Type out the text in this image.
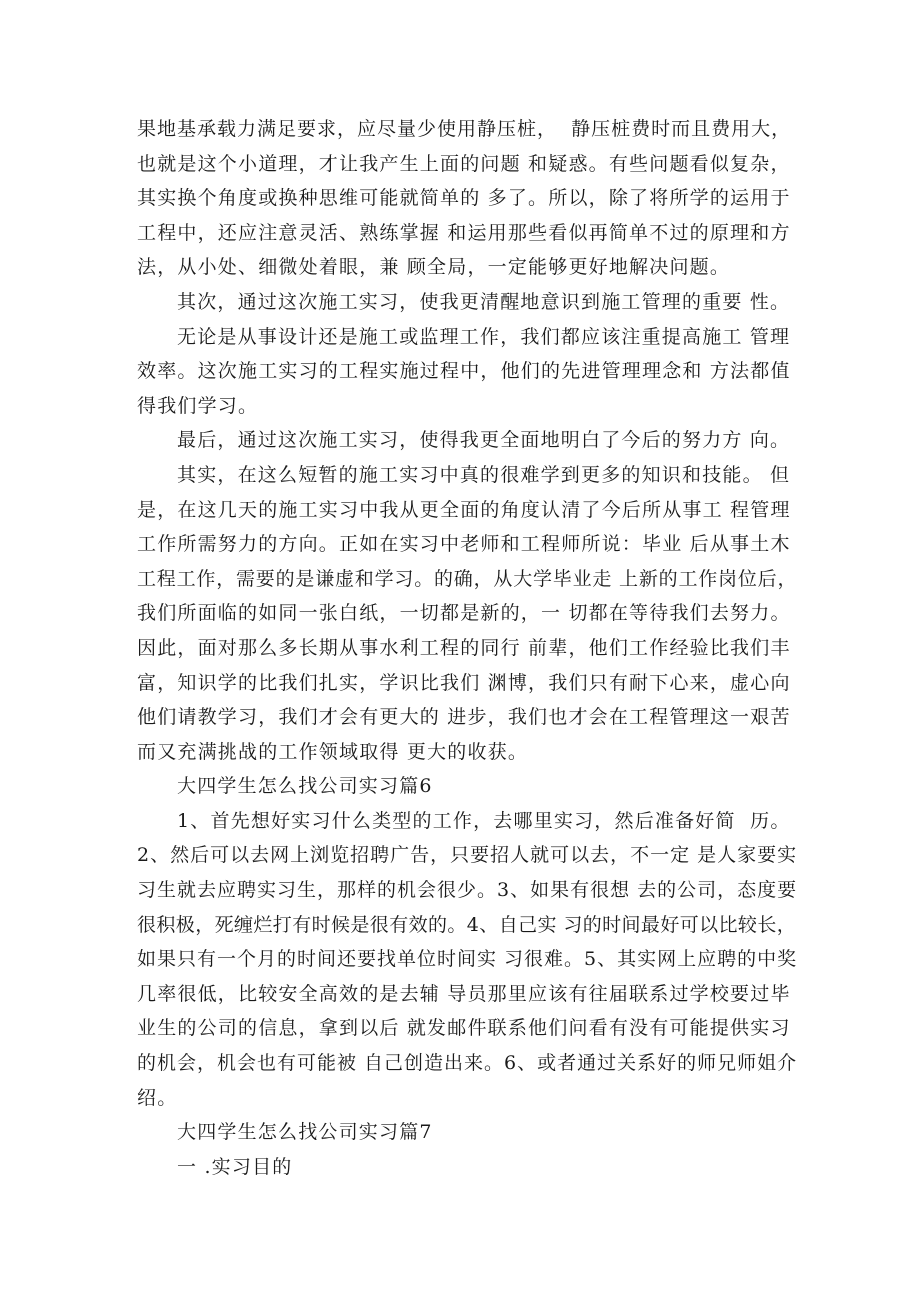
果地基承载力满足要求，应尽量少使用静压桩，  静压桩费时而且费用大，
也就是这个小道理，才让我产生上面的问题 和疑惑。有些问题看似复杂，
其实换个角度或换种思维可能就简单的 多了。所以，除了将所学的运用于
工程中，还应注意灵活、熟练掌握 和运用那些看似再简单不过的原理和方
法，从小处、细微处着眼，兼 顾全局，一定能够更好地解决问题。
其次，通过这次施工实习，使我更清醒地意识到施工管理的重要 性。
无论是从事设计还是施工或监理工作，我们都应该注重提高施工 管理
效率。这次施工实习的工程实施过程中，他们的先进管理理念和 方法都值
得我们学习。
最后，通过这次施工实习，使得我更全面地明白了今后的努力方 向。
其实，在这么短暂的施工实习中真的很难学到更多的知识和技能。 但
是，在这几天的施工实习中我从更全面的角度认清了今后所从事工 程管理
工作所需努力的方向。正如在实习中老师和工程师所说：毕业 后从事土木
工程工作，需要的是谦虚和学习。的确，从大学毕业走 上新的工作岗位后，
我们所面临的如同一张白纸，一切都是新的，一 切都在等待我们去努力。
因此，面对那么多长期从事水利工程的同行 前辈，他们工作经验比我们丰
富，知识学的比我们扎实，学识比我们 渊博，我们只有耐下心来，虚心向
他们请教学习，我们才会有更大的 进步，我们也才会在工程管理这一艰苦
而又充满挑战的工作领域取得 更大的收获。
大四学生怎么找公司实习篇6
1、首先想好实习什么类型的工作，去哪里实习，然后准备好简  历。
2、然后可以去网上浏览招聘广告，只要招人就可以去，不一定 是人家要实
习生就去应聘实习生，那样的机会很少。3、如果有很想 去的公司，态度要
很积极，死缠烂打有时候是很有效的。4、自己实 习的时间最好可以比较长，
如果只有一个月的时间还要找单位时间实 习很难。5、其实网上应聘的中奖
几率很低，比较安全高效的是去辅 导员那里应该有往届联系过学校要过毕
业生的公司的信息，拿到以后 就发邮件联系他们问看有没有可能提供实习
的机会，机会也有可能被 自己创造出来。6、或者通过关系好的师兄师姐介
绍。
大四学生怎么找公司实习篇7
一 .实习目的
